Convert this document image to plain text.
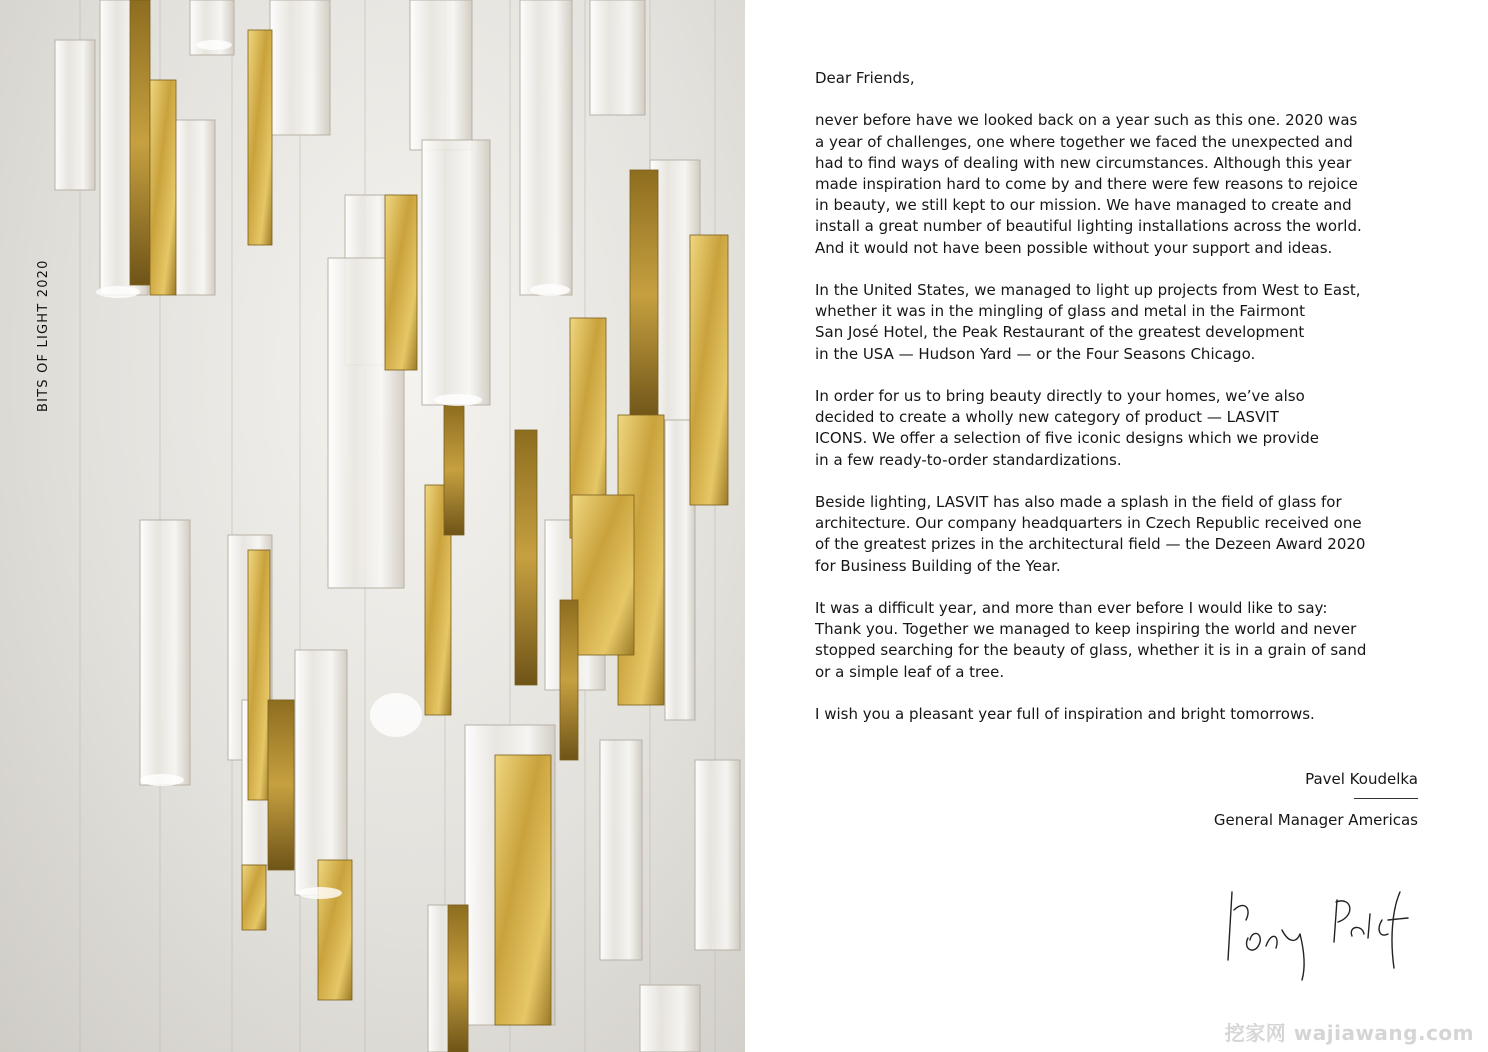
BITS OF LIGHT 2020

Dear Friends,

never before have we looked back on a year such as this one. 2020 was
a year of challenges, one where together we faced the unexpected and
had to find ways of dealing with new circumstances. Although this year
made inspiration hard to come by and there were few reasons to rejoice
in beauty, we still kept to our mission. We have managed to create and
install a great number of beautiful lighting installations across the world.
And it would not have been possible without your support and ideas.

In the United States, we managed to light up projects from West to East,
whether it was in the mingling of glass and metal in the Fairmont
San José Hotel, the Peak Restaurant of the greatest development
in the USA — Hudson Yard — or the Four Seasons Chicago.

In order for us to bring beauty directly to your homes, we’ve also
decided to create a wholly new category of product — LASVIT
ICONS. We offer a selection of five iconic designs which we provide
in a few ready-to-order standardizations.

Beside lighting, LASVIT has also made a splash in the field of glass for
architecture. Our company headquarters in Czech Republic received one
of the greatest prizes in the architectural field — the Dezeen Award 2020
for Business Building of the Year.

It was a difficult year, and more than ever before I would like to say:
Thank you. Together we managed to keep inspiring the world and never
stopped searching for the beauty of glass, whether it is in a grain of sand
or a simple leaf of a tree.

I wish you a pleasant year full of inspiration and bright tomorrows.

Pavel Koudelka
General Manager Americas
挖家网 wajiawang.com
